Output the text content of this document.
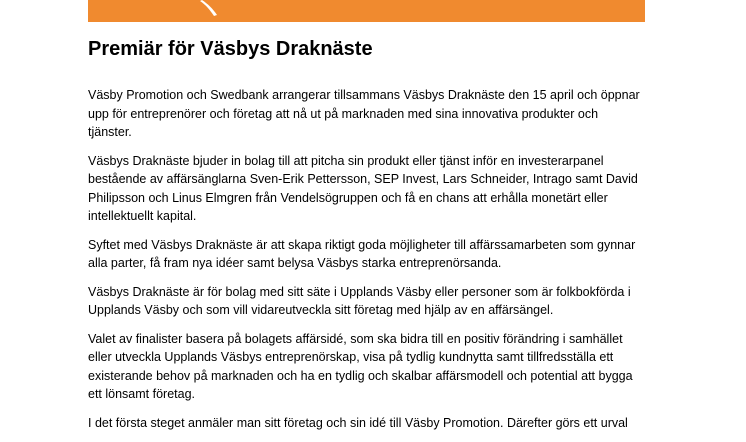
Premiär för Väsbys Draknäste

Väsby Promotion och Swedbank arrangerar tillsammans Väsbys Draknäste den 15 april och öppnar
upp för entreprenörer och företag att nå ut på marknaden med sina innovativa produkter och
tjänster.

Väsbys Draknäste bjuder in bolag till att pitcha sin produkt eller tjänst inför en investerarpanel
bestående av affärsänglarna Sven-Erik Pettersson, SEP Invest, Lars Schneider, Intrago samt David
Philipsson och Linus Elmgren från Vendelsögruppen och få en chans att erhålla monetärt eller
intellektuellt kapital.

Syftet med Väsbys Draknäste är att skapa riktigt goda möjligheter till affärssamarbeten som gynnar
alla parter, få fram nya idéer samt belysa Väsbys starka entreprenörsanda.

Väsbys Draknäste är för bolag med sitt säte i Upplands Väsby eller personer som är folkbokförda i
Upplands Väsby och som vill vidareutveckla sitt företag med hjälp av en affärsängel.

Valet av finalister basera på bolagets affärsidé, som ska bidra till en positiv förändring i samhället
eller utveckla Upplands Väsbys entreprenörskap, visa på tydlig kundnytta samt tillfredsställa ett
existerande behov på marknaden och ha en tydlig och skalbar affärsmodell och potential att bygga
ett lönsamt företag.

I det första steget anmäler man sitt företag och sin idé till Väsby Promotion. Därefter görs ett urval
